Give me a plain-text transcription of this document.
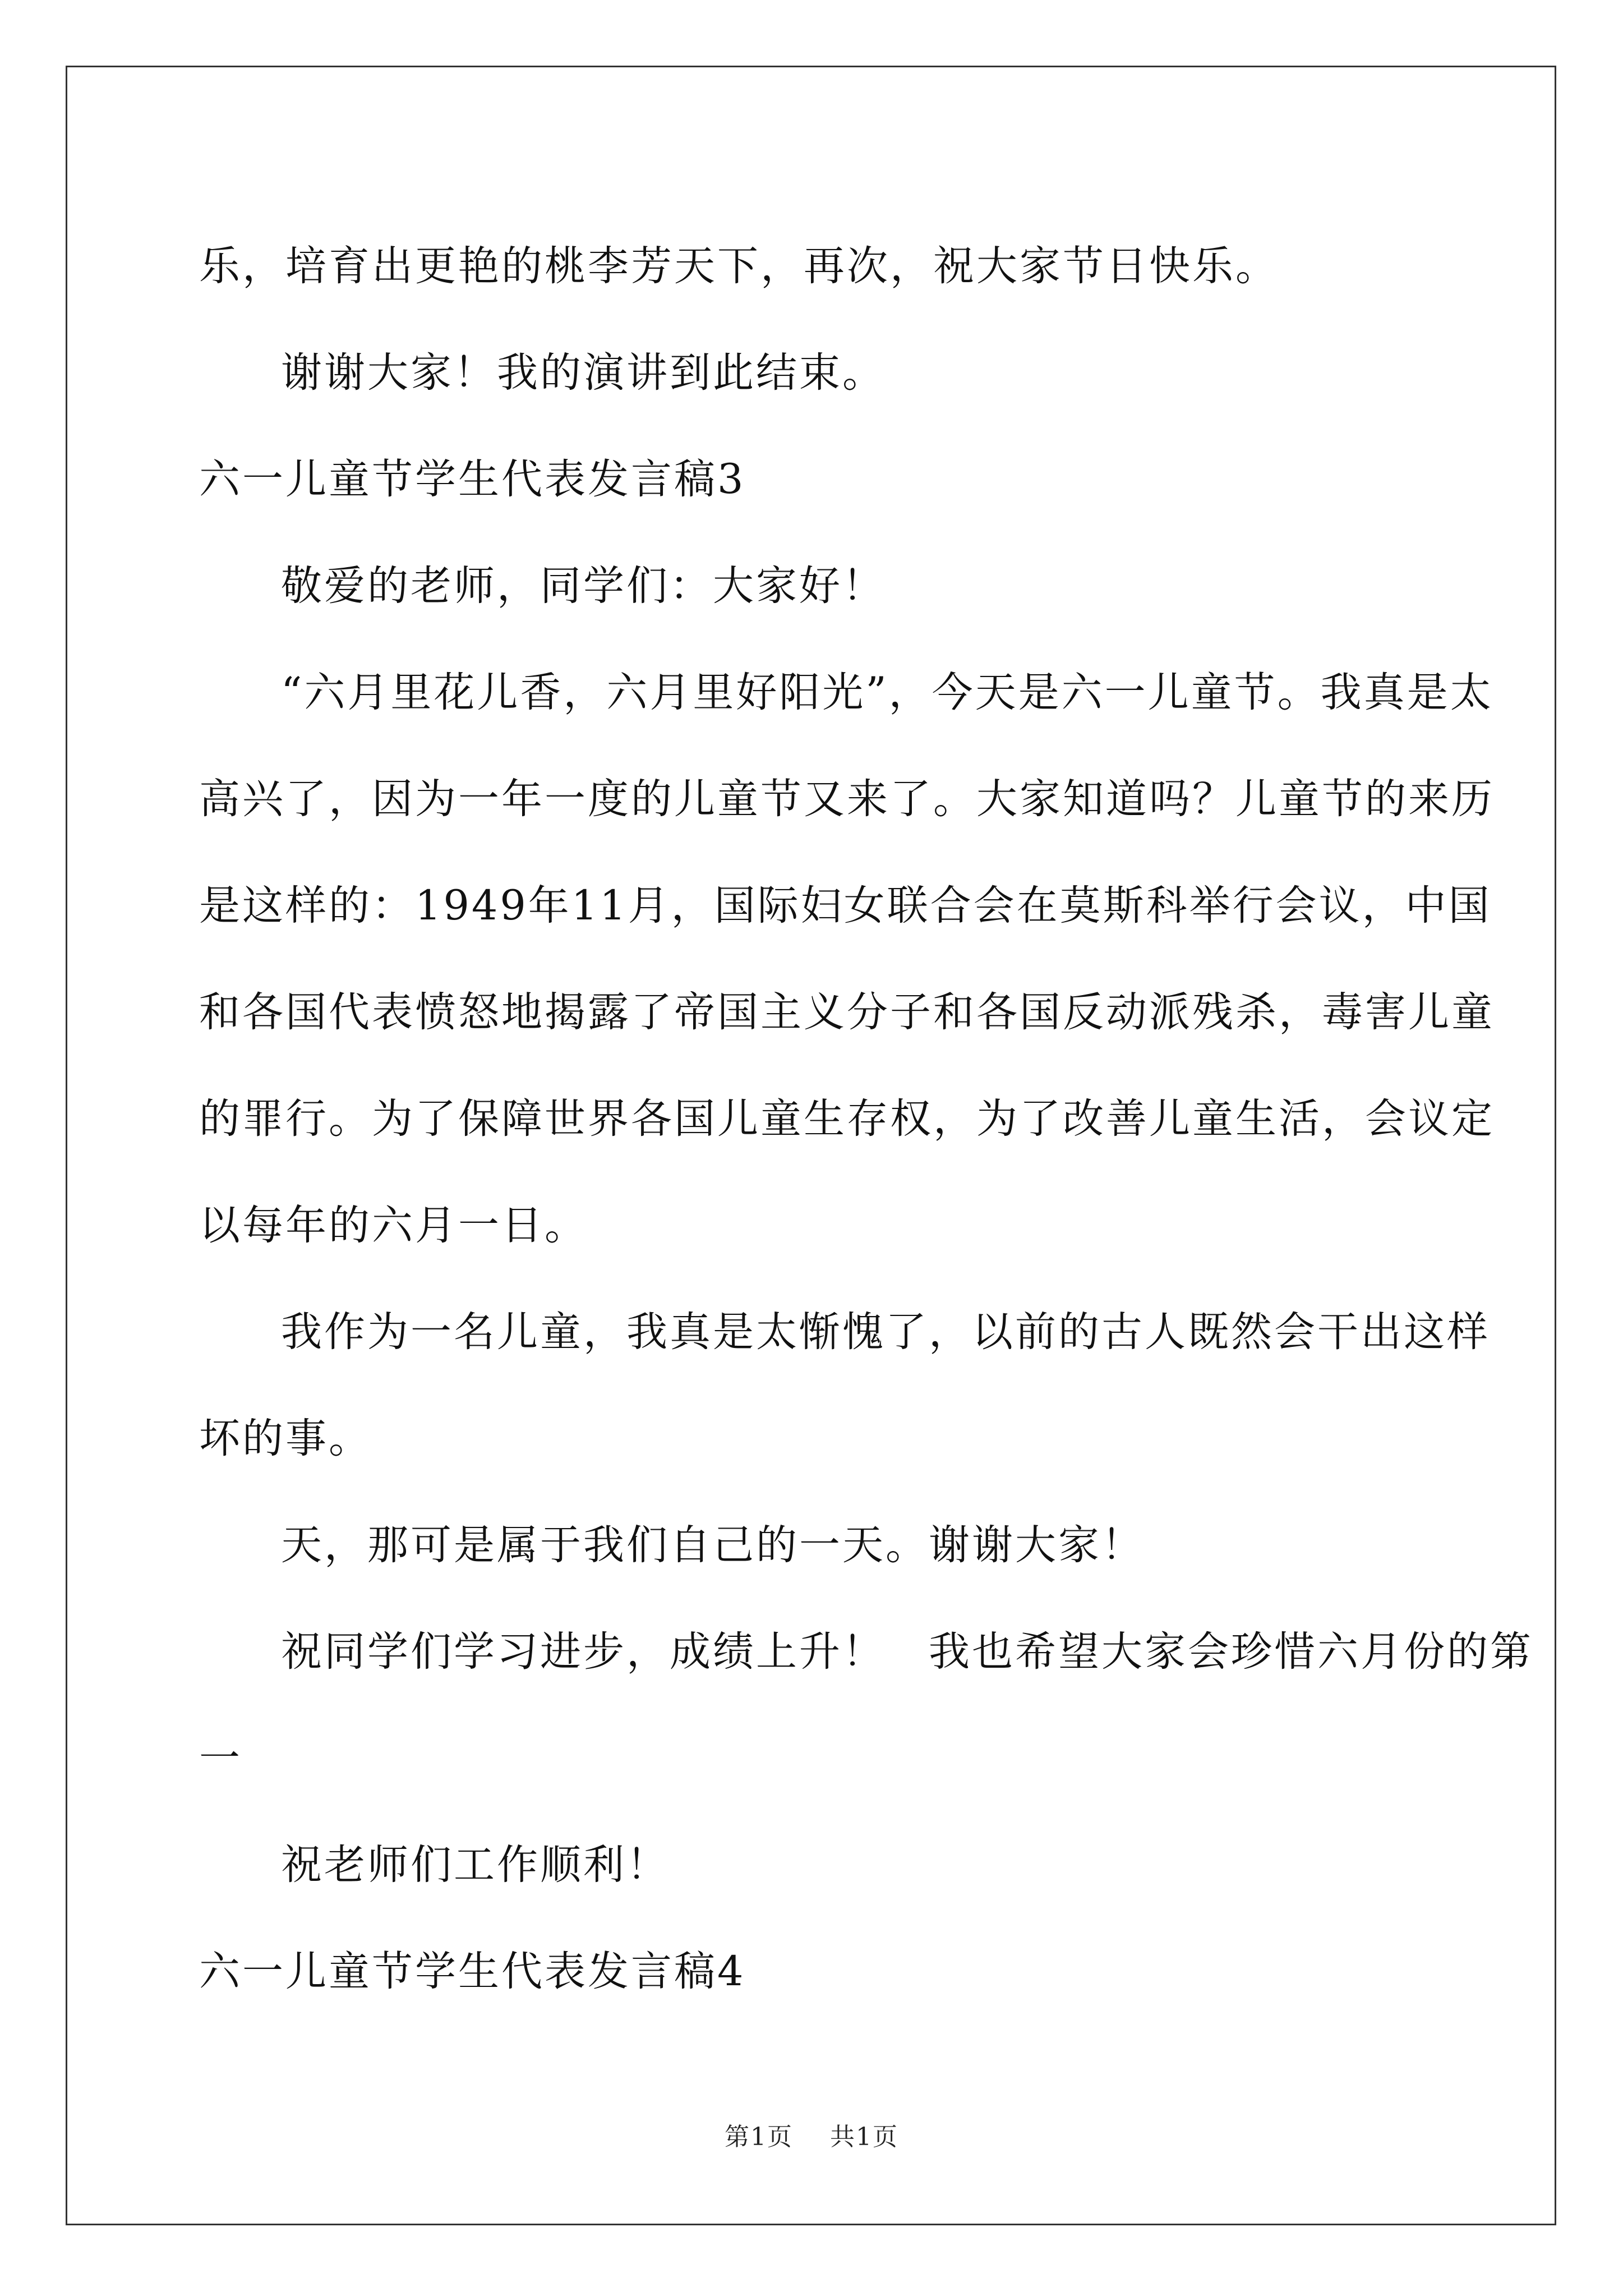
乐，培育出更艳的桃李芳天下，再次，祝大家节日快乐。

谢谢大家！我的演讲到此结束。

六一儿童节学生代表发言稿3

敬爱的老师，同学们：大家好！

“六月里花儿香，六月里好阳光”，今天是六一儿童节。我真是太

高兴了，因为一年一度的儿童节又来了。大家知道吗？儿童节的来历

是这样的：1949年11月，国际妇女联合会在莫斯科举行会议，中国

和各国代表愤怒地揭露了帝国主义分子和各国反动派残杀，毒害儿童

的罪行。为了保障世界各国儿童生存权，为了改善儿童生活，会议定

以每年的六月一日。

我作为一名儿童，我真是太惭愧了，以前的古人既然会干出这样

坏的事。

天，那可是属于我们自己的一天。谢谢大家！

祝同学们学习进步，成绩上升！　我也希望大家会珍惜六月份的第

一

祝老师们工作顺利！

六一儿童节学生代表发言稿4

第1页 共1页
